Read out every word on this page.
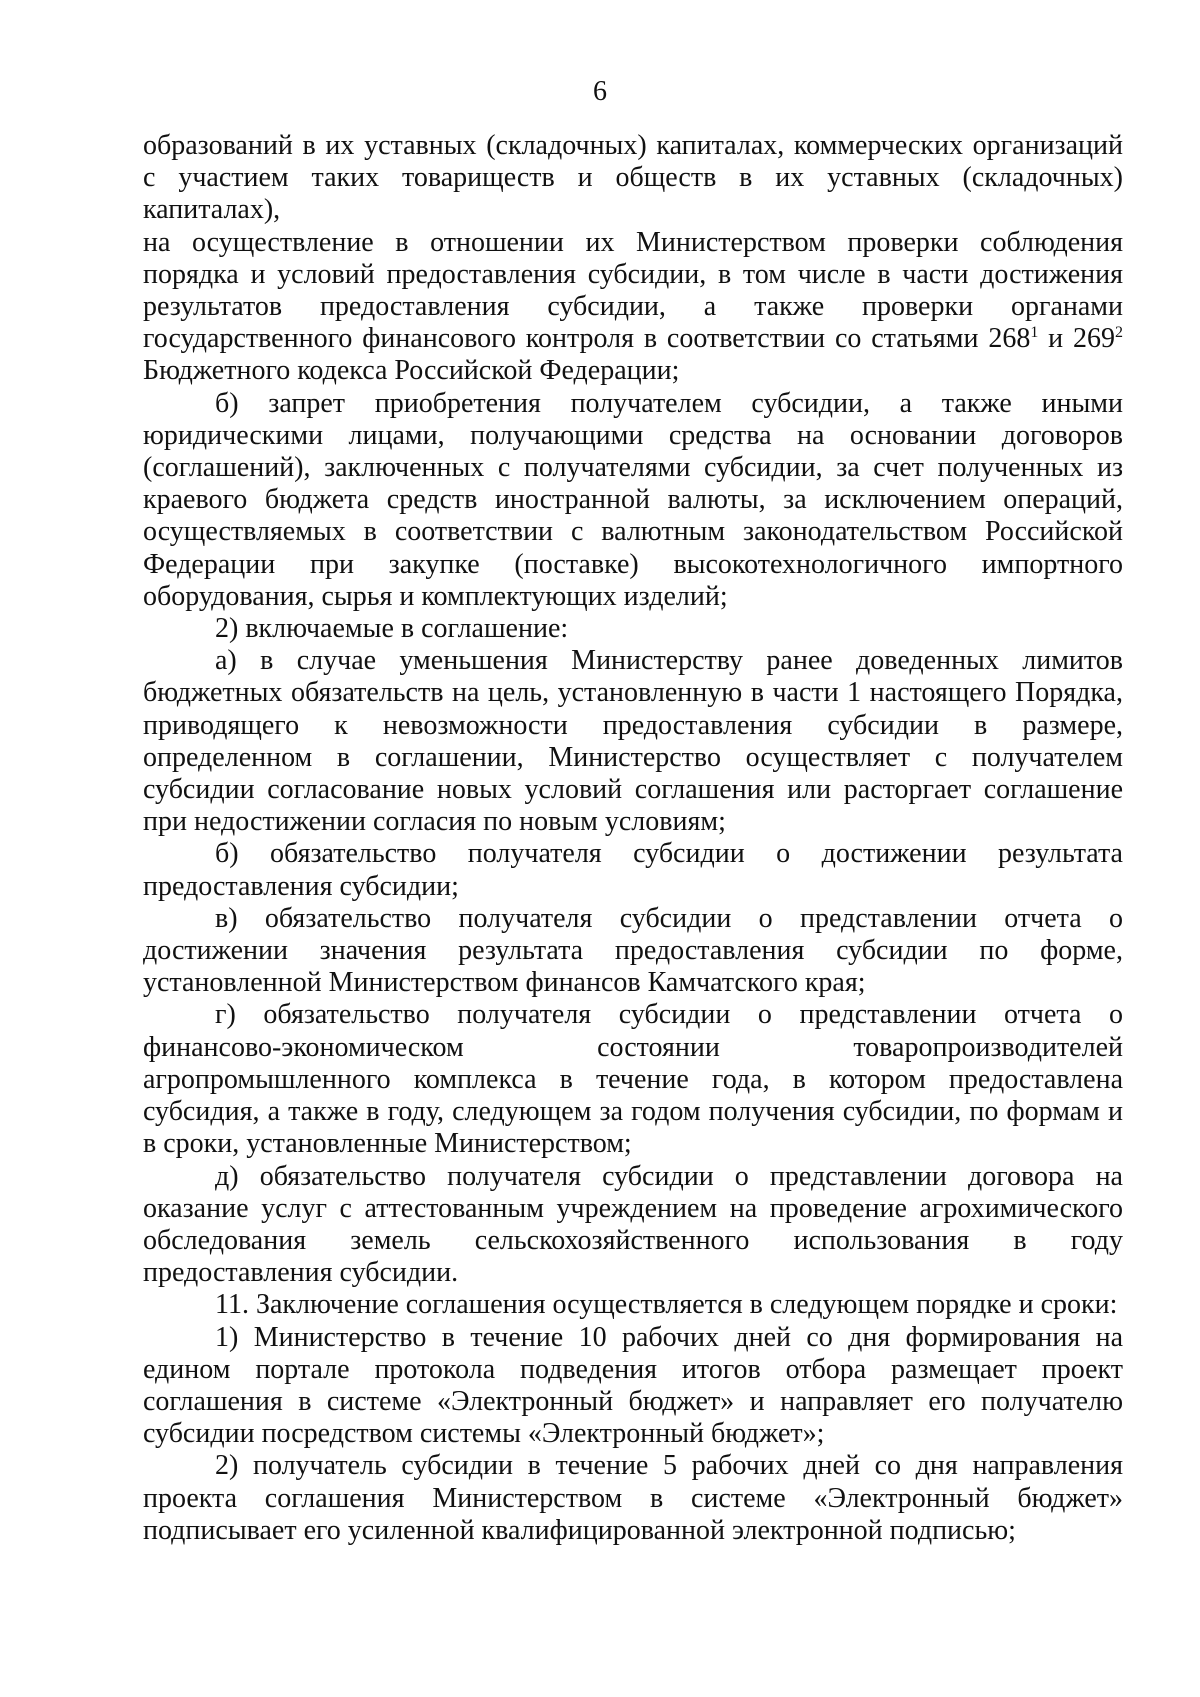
6

образований в их уставных (складочных) капиталах, коммерческих организаций

с участием таких товариществ и обществ в их уставных (складочных) капиталах),

на осуществление в отношении их Министерством проверки соблюдения

порядка и условий предоставления субсидии, в том числе в части достижения

результатов предоставления субсидии, а также проверки органами

государственного финансового контроля в соответствии со статьями $268^1$ и $269^2$

Бюджетного кодекса Российской Федерации;

б) запрет приобретения получателем субсидии, а также иными юридическими лицами, получающими средства на основании договоров (соглашений), заключенных с получателями субсидии, за счет полученных из краевого бюджета средств иностранной валюты, за исключением операций, осуществляемых в соответствии с валютным законодательством Российской Федерации при закупке (поставке) высокотехнологичного импортного оборудования, сырья и комплектующих изделий;

2) включаемые в соглашение:

а) в случае уменьшения Министерству ранее доведенных лимитов бюджетных обязательств на цель, установленную в части 1 настоящего Порядка, приводящего к невозможности предоставления субсидии в размере, определенном в соглашении, Министерство осуществляет с получателем субсидии согласование новых условий соглашения или расторгает соглашение при недостижении согласия по новым условиям;

б) обязательство получателя субсидии о достижении результата предоставления субсидии;

в) обязательство получателя субсидии о представлении отчета о достижении значения результата предоставления субсидии по форме, установленной Министерством финансов Камчатского края;

г) обязательство получателя субсидии о представлении отчета о финансово-экономическом состоянии товаропроизводителей агропромышленного комплекса в течение года, в котором предоставлена субсидия, а также в году, следующем за годом получения субсидии, по формам и в сроки, установленные Министерством;

д) обязательство получателя субсидии о представлении договора на оказание услуг с аттестованным учреждением на проведение агрохимического обследования земель сельскохозяйственного использования в году предоставления субсидии.

11. Заключение соглашения осуществляется в следующем порядке и сроки:

1) Министерство в течение 10 рабочих дней со дня формирования на едином портале протокола подведения итогов отбора размещает проект соглашения в системе «Электронный бюджет» и направляет его получателю субсидии посредством системы «Электронный бюджет»;

2) получатель субсидии в течение 5 рабочих дней со дня направления проекта соглашения Министерством в системе «Электронный бюджет» подписывает его усиленной квалифицированной электронной подписью;
